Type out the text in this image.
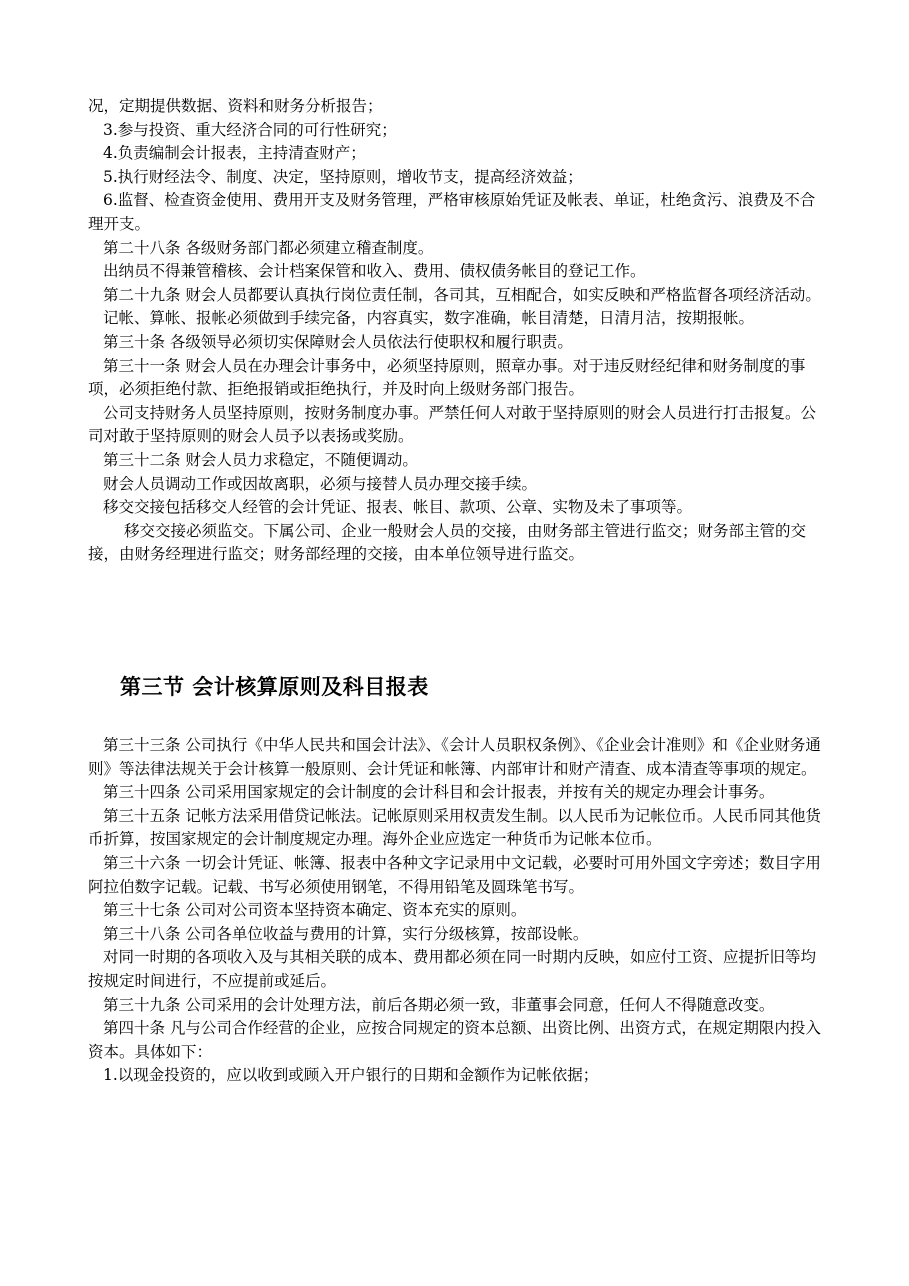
况，定期提供数据、资料和财务分析报告；

3.参与投资、重大经济合同的可行性研究；

4.负责编制会计报表，主持清查财产；

5.执行财经法令、制度、决定，坚持原则，增收节支，提高经济效益；

6.监督、检查资金使用、费用开支及财务管理，严格审核原始凭证及帐表、单证，杜绝贪污、浪费及不合理开支。

第二十八条 各级财务部门都必须建立稽查制度。

出纳员不得兼管稽核、会计档案保管和收入、费用、债权债务帐目的登记工作。

第二十九条 财会人员都要认真执行岗位责任制，各司其，互相配合，如实反映和严格监督各项经济活动。

记帐、算帐、报帐必须做到手续完备，内容真实，数字准确，帐目清楚，日清月洁，按期报帐。

第三十条 各级领导必须切实保障财会人员依法行使职权和履行职责。

第三十一条 财会人员在办理会计事务中，必须坚持原则，照章办事。对于违反财经纪律和财务制度的事项，必须拒绝付款、拒绝报销或拒绝执行，并及时向上级财务部门报告。

公司支持财务人员坚持原则，按财务制度办事。严禁任何人对敢于坚持原则的财会人员进行打击报复。公司对敢于坚持原则的财会人员予以表扬或奖励。

第三十二条 财会人员力求稳定，不随便调动。

财会人员调动工作或因故离职，必须与接替人员办理交接手续。

移交交接包括移交人经管的会计凭证、报表、帐目、款项、公章、实物及未了事项等。

移交交接必须监交。下属公司、企业一般财会人员的交接，由财务部主管进行监交；财务部主管的交接，由财务经理进行监交；财务部经理的交接，由本单位领导进行监交。

第三节 会计核算原则及科目报表

第三十三条 公司执行《中华人民共和国会计法》、《会计人员职权条例》、《企业会计准则》和《企业财务通则》等法律法规关于会计核算一般原则、会计凭证和帐簿、内部审计和财产清查、成本清查等事项的规定。

第三十四条 公司采用国家规定的会计制度的会计科目和会计报表，并按有关的规定办理会计事务。

第三十五条 记帐方法采用借贷记帐法。记帐原则采用权责发生制。以人民币为记帐位币。人民币同其他货币折算，按国家规定的会计制度规定办理。海外企业应选定一种货币为记帐本位币。

第三十六条 一切会计凭证、帐簿、报表中各种文字记录用中文记载，必要时可用外国文字旁述；数目字用阿拉伯数字记载。记载、书写必须使用钢笔，不得用铅笔及圆珠笔书写。

第三十七条 公司对公司资本坚持资本确定、资本充实的原则。

第三十八条 公司各单位收益与费用的计算，实行分级核算，按部设帐。

对同一时期的各项收入及与其相关联的成本、费用都必须在同一时期内反映，如应付工资、应提折旧等均按规定时间进行，不应提前或延后。

第三十九条 公司采用的会计处理方法，前后各期必须一致，非董事会同意，任何人不得随意改变。

第四十条 凡与公司合作经营的企业，应按合同规定的资本总额、出资比例、出资方式，在规定期限内投入资本。具体如下：

1.以现金投资的，应以收到或顾入开户银行的日期和金额作为记帐依据；
